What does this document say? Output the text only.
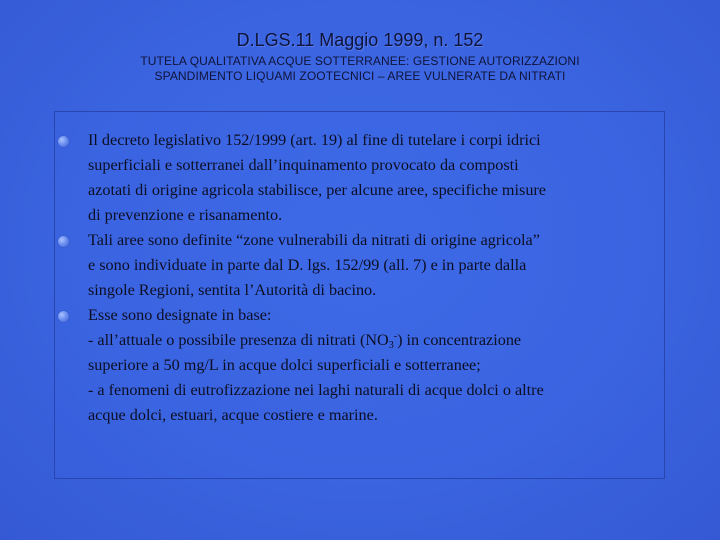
D.LGS.11 Maggio 1999, n. 152
TUTELA QUALITATIVA ACQUE SOTTERRANEE: GESTIONE AUTORIZZAZIONI
SPANDIMENTO LIQUAMI ZOOTECNICI – AREE VULNERATE DA NITRATI
Il decreto legislativo 152/1999 (art. 19) al fine di tutelare i corpi idrici
superficiali e sotterranei dall’inquinamento provocato da composti
azotati di origine agricola stabilisce, per alcune aree, specifiche misure
di prevenzione e risanamento.
Tali aree sono definite “zone vulnerabili da nitrati di origine agricola”
e sono individuate in parte dal D. lgs. 152/99 (all. 7) e in parte dalla
singole Regioni, sentita l’Autorità di bacino.
Esse sono designate in base:
- all’attuale o possibile presenza di nitrati $(NO_3^-)$ in concentrazione
superiore a 50 mg/L in acque dolci superficiali e sotterranee;
- a fenomeni di eutrofizzazione nei laghi naturali di acque dolci o altre
acque dolci, estuari, acque costiere e marine.
